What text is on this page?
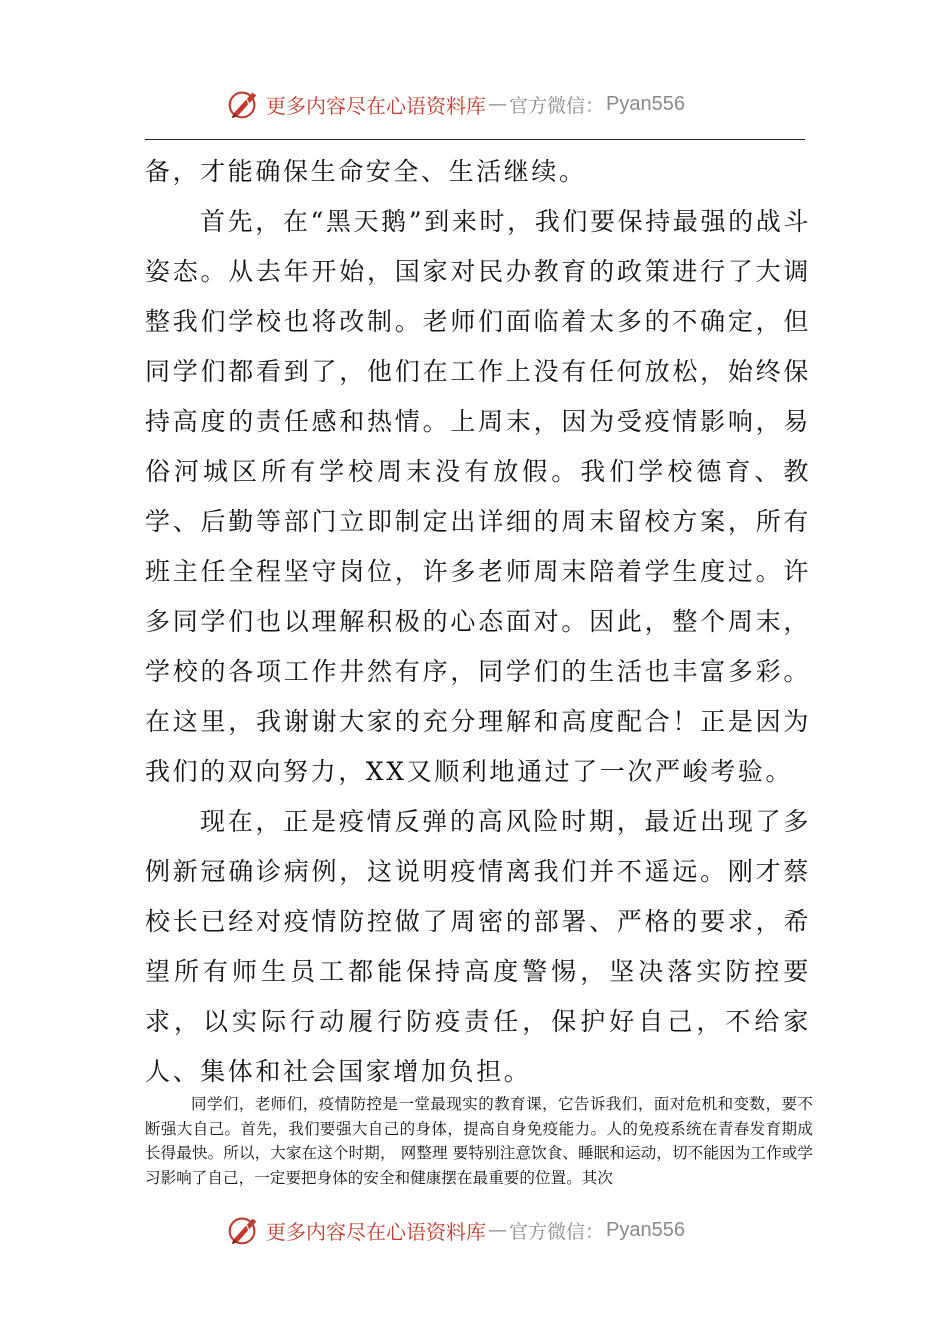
更多内容尽在心语资料库 — 官方微信： Pyan556

备，才能确保生命安全、生活继续。

首先，在“黑天鹅”到来时，我们要保持最强的战斗姿态。从去年开始，国家对民办教育的政策进行了大调整我们学校也将改制。老师们面临着太多的不确定，但同学们都看到了，他们在工作上没有任何放松，始终保持高度的责任感和热情。上周末，因为受疫情影响，易俗河城区所有学校周末没有放假。我们学校德育、教学、后勤等部门立即制定出详细的周末留校方案，所有班主任全程坚守岗位，许多老师周末陪着学生度过。许多同学们也以理解积极的心态面对。因此，整个周末，学校的各项工作井然有序，同学们的生活也丰富多彩。在这里，我谢谢大家的充分理解和高度配合！正是因为我们的双向努力，XX又顺利地通过了一次严峻考验。

现在，正是疫情反弹的高风险时期，最近出现了多例新冠确诊病例，这说明疫情离我们并不遥远。刚才蔡校长已经对疫情防控做了周密的部署、严格的要求，希望所有师生员工都能保持高度警惕，坚决落实防控要求，以实际行动履行防疫责任，保护好自己，不给家人、集体和社会国家增加负担。

同学们，老师们，疫情防控是一堂最现实的教育课，它告诉我们，面对危机和变数，要不断强大自己。首先，我们要强大自己的身体，提高自身免疫能力。人的免疫系统在青春发育期成长得最快。所以，大家在这个时期， 网整理 要特别注意饮食、睡眠和运动，切不能因为工作或学习影响了自己，一定要把身体的安全和健康摆在最重要的位置。其次

更多内容尽在心语资料库 — 官方微信： Pyan556
